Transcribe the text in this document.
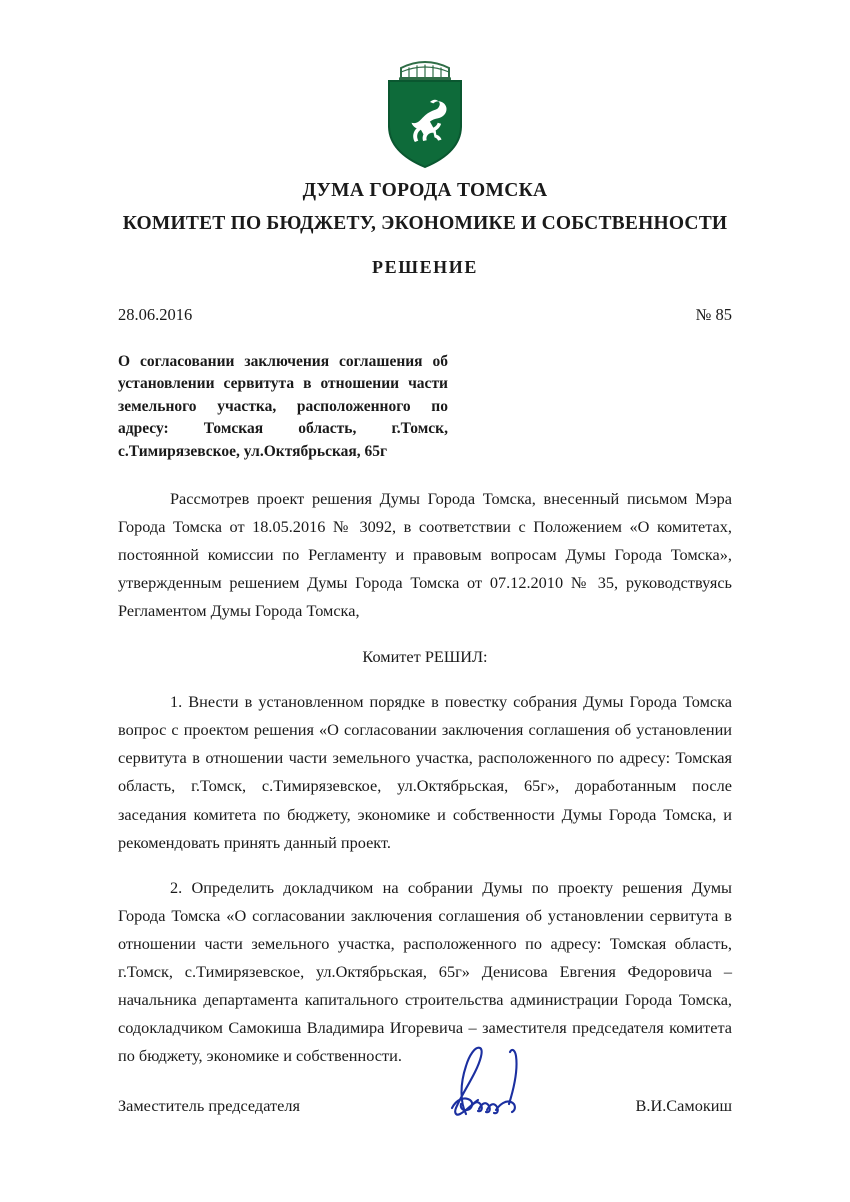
ДУМА ГОРОДА ТОМСКА
КОМИТЕТ ПО БЮДЖЕТУ, ЭКОНОМИКЕ И СОБСТВЕННОСТИ
РЕШЕНИЕ
28.06.2016	№ 85
О согласовании заключения соглашения об установлении сервитута в отношении части земельного участка, расположенного по адресу: Томская область, г.Томск, с.Тимирязевское, ул.Октябрьская, 65г

Рассмотрев проект решения Думы Города Томска, внесенный письмом Мэра Города Томска от 18.05.2016 № 3092, в соответствии с Положением «О комитетах, постоянной комиссии по Регламенту и правовым вопросам Думы Города Томска», утвержденным решением Думы Города Томска от 07.12.2010 № 35, руководствуясь Регламентом Думы Города Томска,

Комитет РЕШИЛ:

1. Внести в установленном порядке в повестку собрания Думы Города Томска вопрос с проектом решения «О согласовании заключения соглашения об установлении сервитута в отношении части земельного участка, расположенного по адресу: Томская область, г.Томск, с.Тимирязевское, ул.Октябрьская, 65г», доработанным после заседания комитета по бюджету, экономике и собственности Думы Города Томска, и рекомендовать принять данный проект.

2. Определить докладчиком на собрании Думы по проекту решения Думы Города Томска «О согласовании заключения соглашения об установлении сервитута в отношении части земельного участка, расположенного по адресу: Томская область, г.Томск, с.Тимирязевское, ул.Октябрьская, 65г» Денисова Евгения Федоровича – начальника департамента капитального строительства администрации Города Томска, содокладчиком Самокиша Владимира Игоревича – заместителя председателя комитета по бюджету, экономике и собственности.

Заместитель председателя	В.И.Самокиш
